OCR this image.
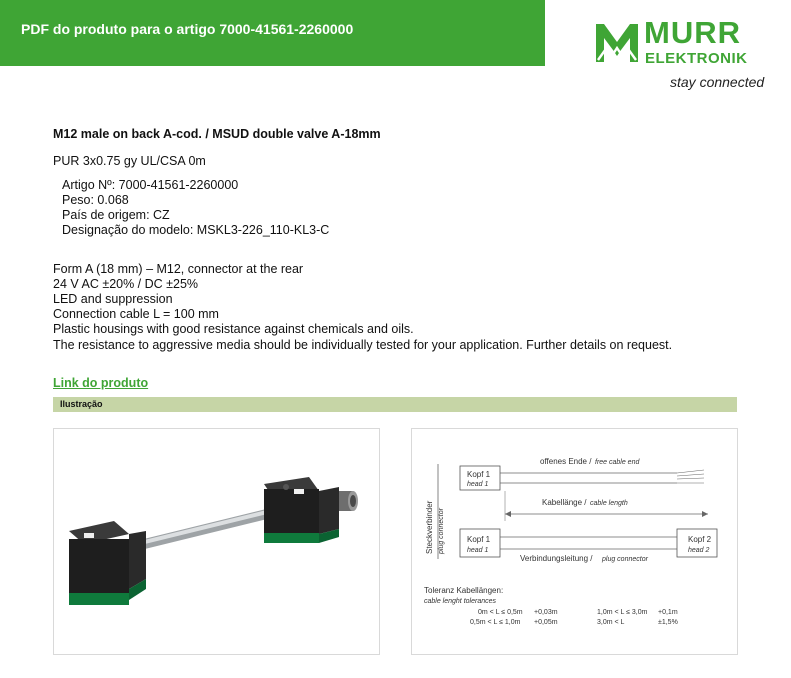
PDF do produto para o artigo 7000-41561-2260000	MURR
ELEKTRONIK
stay connected
M12 male on back A-cod. / MSUD double valve A-18mm
PUR 3x0.75 gy UL/CSA 0m
Artigo Nº: 7000-41561-2260000
Peso: 0.068
País de origem: CZ
Designação do modelo: MSKL3-226_110-KL3-C
Form A (18 mm) – M12, connector at the rear
24 V AC ±20% / DC ±25%
LED and suppression
Connection cable L = 100 mm
Plastic housings with good resistance against chemicals and oils.
The resistance to aggressive media should be individually tested for your application. Further details on request.
Link do produto
Ilustração
Steckverbinder plug connector
Kopf 1
head 1
offenes Ende / free cable end
Kabellänge / cable length
Kopf 1
head 1
Kopf 2
head 2
Verbindungsleitung / plug connector
Toleranz Kabellängen:
cable lenght tolerances
0m < L ≤ 0,5m +0,03m
0,5m < L ≤ 1,0m +0,05m
1,0m < L ≤ 3,0m +0,1m
3,0m < L	±1,5%
